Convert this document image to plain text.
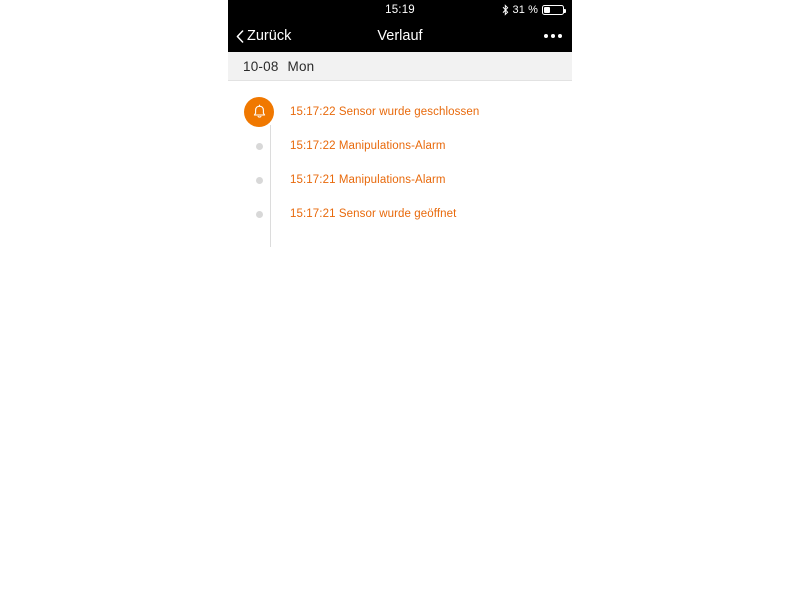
15:19	31 %
Zurück	Verlauf
10-08 Mon
15:17:22 Sensor wurde geschlossen
15:17:22 Manipulations-Alarm
15:17:21 Manipulations-Alarm
15:17:21 Sensor wurde geöffnet
